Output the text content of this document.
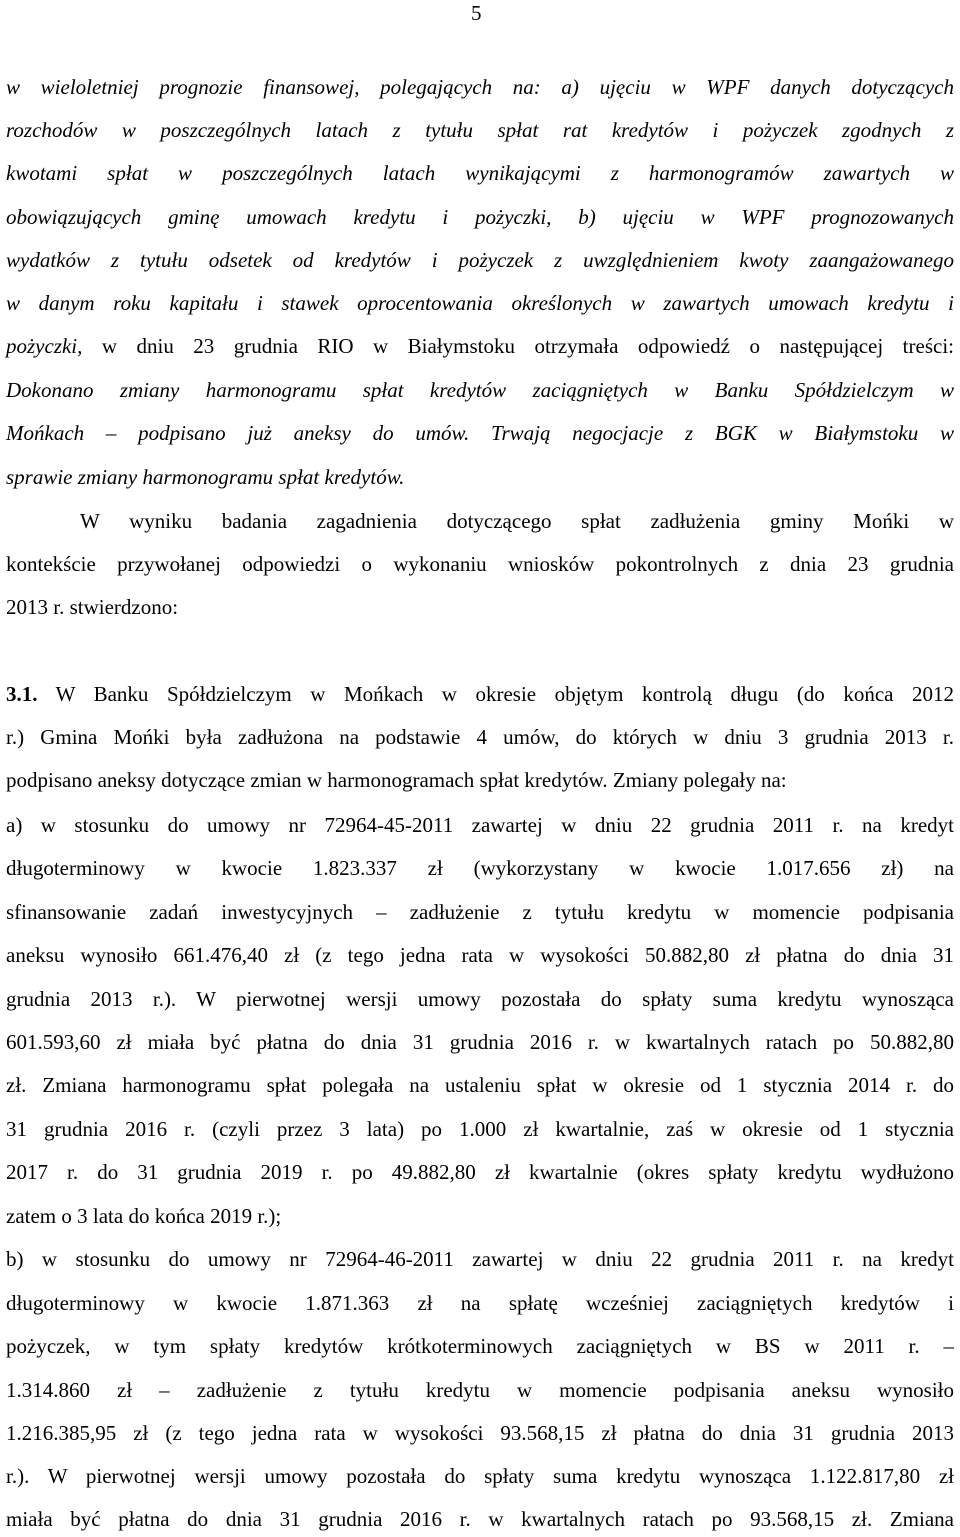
5
w wieloletniej prognozie finansowej, polegających na: a) ujęciu w WPF danych dotyczących
rozchodów w poszczególnych latach z tytułu spłat rat kredytów i pożyczek zgodnych z
kwotami spłat w poszczególnych latach wynikającymi z harmonogramów zawartych w
obowiązujących gminę umowach kredytu i pożyczki, b) ujęciu w WPF prognozowanych
wydatków z tytułu odsetek od kredytów i pożyczek z uwzględnieniem kwoty zaangażowanego
w danym roku kapitału i stawek oprocentowania określonych w zawartych umowach kredytu i
pożyczki, w dniu 23 grudnia RIO w Białymstoku otrzymała odpowiedź o następującej treści:
Dokonano zmiany harmonogramu spłat kredytów zaciągniętych w Banku Spółdzielczym w
Mońkach – podpisano już aneksy do umów. Trwają negocjacje z BGK w Białymstoku w
sprawie zmiany harmonogramu spłat kredytów.
W wyniku badania zagadnienia dotyczącego spłat zadłużenia gminy Mońki w
kontekście przywołanej odpowiedzi o wykonaniu wniosków pokontrolnych z dnia 23 grudnia
2013 r. stwierdzono:
3.1. W Banku Spółdzielczym w Mońkach w okresie objętym kontrolą długu (do końca 2012
r.) Gmina Mońki była zadłużona na podstawie 4 umów, do których w dniu 3 grudnia 2013 r.
podpisano aneksy dotyczące zmian w harmonogramach spłat kredytów. Zmiany polegały na:
a) w stosunku do umowy nr 72964-45-2011 zawartej w dniu 22 grudnia 2011 r. na kredyt
długoterminowy w kwocie 1.823.337 zł (wykorzystany w kwocie 1.017.656 zł) na
sfinansowanie zadań inwestycyjnych – zadłużenie z tytułu kredytu w momencie podpisania
aneksu wynosiło 661.476,40 zł (z tego jedna rata w wysokości 50.882,80 zł płatna do dnia 31
grudnia 2013 r.). W pierwotnej wersji umowy pozostała do spłaty suma kredytu wynosząca
601.593,60 zł miała być płatna do dnia 31 grudnia 2016 r. w kwartalnych ratach po 50.882,80
zł. Zmiana harmonogramu spłat polegała na ustaleniu spłat w okresie od 1 stycznia 2014 r. do
31 grudnia 2016 r. (czyli przez 3 lata) po 1.000 zł kwartalnie, zaś w okresie od 1 stycznia
2017 r. do 31 grudnia 2019 r. po 49.882,80 zł kwartalnie (okres spłaty kredytu wydłużono
zatem o 3 lata do końca 2019 r.);
b) w stosunku do umowy nr 72964-46-2011 zawartej w dniu 22 grudnia 2011 r. na kredyt
długoterminowy w kwocie 1.871.363 zł na spłatę wcześniej zaciągniętych kredytów i
pożyczek, w tym spłaty kredytów krótkoterminowych zaciągniętych w BS w 2011 r. –
1.314.860 zł – zadłużenie z tytułu kredytu w momencie podpisania aneksu wynosiło
1.216.385,95 zł (z tego jedna rata w wysokości 93.568,15 zł płatna do dnia 31 grudnia 2013
r.). W pierwotnej wersji umowy pozostała do spłaty suma kredytu wynosząca 1.122.817,80 zł
miała być płatna do dnia 31 grudnia 2016 r. w kwartalnych ratach po 93.568,15 zł. Zmiana
